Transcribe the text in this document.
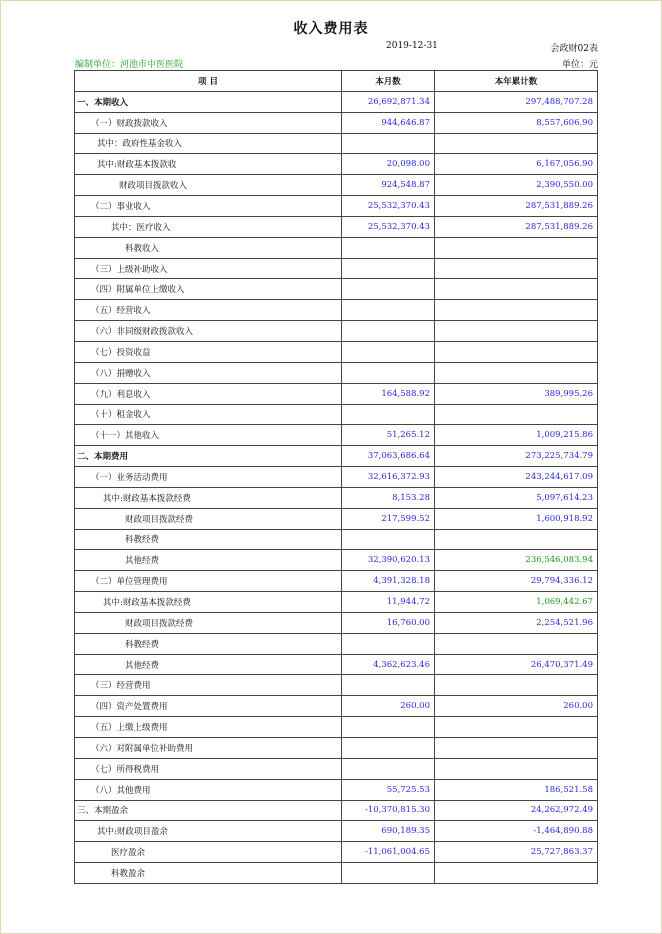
收入费用表
2019-12-31	会政财02表
编制单位：河池市中医医院	单位：元
项 目	本月数	本年累计数
一、本期收入	26,692,871.34	297,488,707.28
（一）财政拨款收入	944,646.87	8,557,606.90
其中：政府性基金收入		
其中:财政基本拨款收	20,098.00	6,167,056.90
财政项目拨款收入	924,548.87	2,390,550.00
（二）事业收入	25,532,370.43	287,531,889.26
其中：医疗收入	25,532,370.43	287,531,889.26
科教收入		
（三）上级补助收入		
（四）附属单位上缴收入		
（五）经营收入		
（六）非同级财政拨款收入		
（七）投资收益		
（八）捐赠收入		
（九）利息收入	164,588.92	389,995.26
（十）租金收入		
（十一）其他收入	51,265.12	1,009,215.86
二、本期费用	37,063,686.64	273,225,734.79
（一）业务活动费用	32,616,372.93	243,244,617.09
其中:财政基本拨款经费	8,153.28	5,097,614.23
财政项目拨款经费	217,599.52	1,600,918.92
科教经费		
其他经费	32,390,620.13	236,546,083.94
（二）单位管理费用	4,391,328.18	29,794,336.12
其中:财政基本拨款经费	11,944.72	1,069,442.67
财政项目拨款经费	16,760.00	2,254,521.96
科教经费		
其他经费	4,362,623.46	26,470,371.49
（三）经营费用		
（四）资产处置费用	260.00	260.00
（五）上缴上级费用		
（六）对附属单位补助费用		
（七）所得税费用		
（八）其他费用	55,725.53	186,521.58
三、本期盈余	-10,370,815.30	24,262,972.49
其中:财政项目盈余	690,189.35	-1,464,890.88
医疗盈余	-11,061,004.65	25,727,863.37
科教盈余		
